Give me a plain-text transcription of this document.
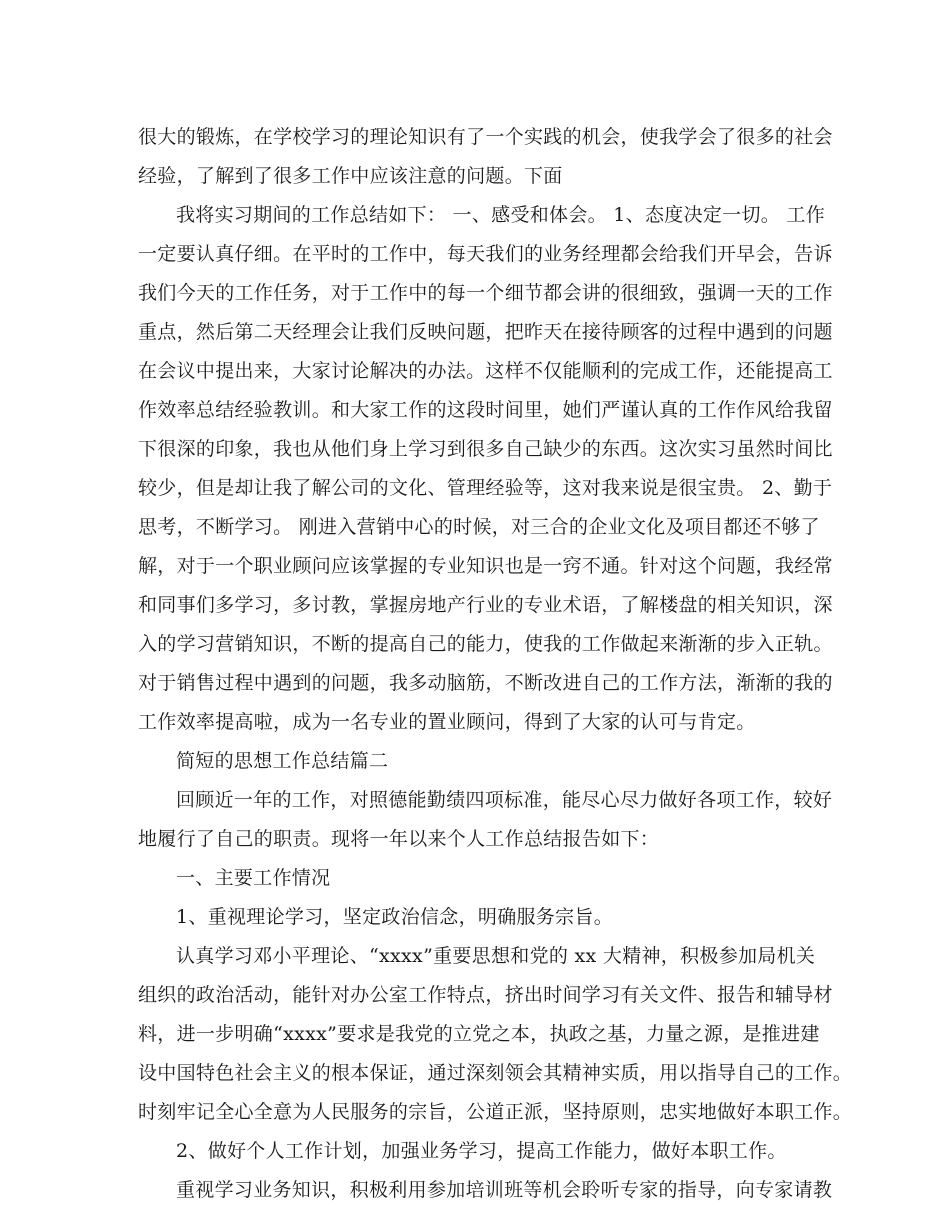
很大的锻炼，在学校学习的理论知识有了一个实践的机会，使我学会了很多的社会
经验，了解到了很多工作中应该注意的问题。下面
我将实习期间的工作总结如下： 一、感受和体会。 1、态度决定一切。 工作
一定要认真仔细。在平时的工作中，每天我们的业务经理都会给我们开早会，告诉
我们今天的工作任务，对于工作中的每一个细节都会讲的很细致，强调一天的工作
重点，然后第二天经理会让我们反映问题，把昨天在接待顾客的过程中遇到的问题
在会议中提出来，大家讨论解决的办法。这样不仅能顺利的完成工作，还能提高工
作效率总结经验教训。和大家工作的这段时间里，她们严谨认真的工作作风给我留
下很深的印象，我也从他们身上学习到很多自己缺少的东西。这次实习虽然时间比
较少，但是却让我了解公司的文化、管理经验等，这对我来说是很宝贵。 2、勤于
思考，不断学习。 刚进入营销中心的时候，对三合的企业文化及项目都还不够了
解，对于一个职业顾问应该掌握的专业知识也是一窍不通。针对这个问题，我经常
和同事们多学习，多讨教，掌握房地产行业的专业术语，了解楼盘的相关知识，深
入的学习营销知识，不断的提高自己的能力，使我的工作做起来渐渐的步入正轨。
对于销售过程中遇到的问题，我多动脑筋，不断改进自己的工作方法，渐渐的我的
工作效率提高啦，成为一名专业的置业顾问，得到了大家的认可与肯定。
简短的思想工作总结篇二
回顾近一年的工作，对照德能勤绩四项标准，能尽心尽力做好各项工作，较好
地履行了自己的职责。现将一年以来个人工作总结报告如下：
一、主要工作情况
1、重视理论学习，坚定政治信念，明确服务宗旨。
认真学习邓小平理论、“xxxx”重要思想和党的 xx 大精神，积极参加局机关
组织的政治活动，能针对办公室工作特点，挤出时间学习有关文件、报告和辅导材
料，进一步明确“xxxx”要求是我党的立党之本，执政之基，力量之源，是推进建
设中国特色社会主义的根本保证，通过深刻领会其精神实质，用以指导自己的工作。
时刻牢记全心全意为人民服务的宗旨，公道正派，坚持原则，忠实地做好本职工作。
2、做好个人工作计划，加强业务学习，提高工作能力，做好本职工作。
重视学习业务知识，积极利用参加培训班等机会聆听专家的指导，向专家请教
